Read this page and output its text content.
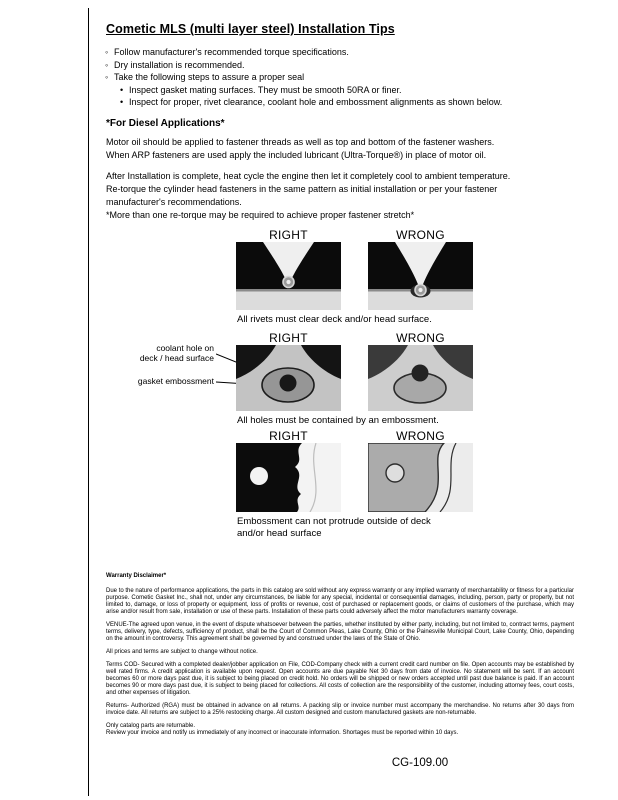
Cometic MLS (multi layer steel) Installation Tips
◦ Follow manufacturer's recommended torque specifications.
◦ Dry installation is recommended.
◦ Take the following steps to assure a proper seal
• Inspect gasket mating surfaces. They must be smooth 50RA or finer.
• Inspect for proper, rivet clearance, coolant hole and embossment alignments as shown below.
*For Diesel Applications*
Motor oil should be applied to fastener threads as well as top and bottom of the fastener washers. When ARP fasteners are used apply the included lubricant (Ultra-Torque®) in place of motor oil.
After Installation is complete, heat cycle the engine then let it completely cool to ambient temperature. Re-torque the cylinder head fasteners in the same pattern as initial installation or per your fastener manufacturer's recommendations.
*More than one re-torque may be required to achieve proper fastener stretch*
RIGHT	WRONG
All rivets must clear deck and/or head surface.
RIGHT	WRONG
coolant hole on
deck / head surface
gasket embossment
All holes must be contained by an embossment.
RIGHT	WRONG
Embossment can not protrude outside of deck
and/or head surface
Warranty Disclaimer*
Due to the nature of performance applications, the parts in this catalog are sold without any express warranty or any implied warranty of merchantability or fitness for a particular purpose. Cometic Gasket Inc., shall not, under any circumstances, be liable for any special, incidental or consequential damages, including, person, party or property, but not limited to, damage, or loss of property or equipment, loss of profits or revenue, cost of purchased or replacement goods, or claims of customers of the purchase, which may arise and/or result from sale, installation or use of these parts. Installation of these parts could adversely affect the motor manufacturers warranty coverage.
VENUE-The agreed upon venue, in the event of dispute whatsoever between the parties, whether instituted by either party, including, but not limited to, contract terms, payment terms, delivery, type, defects, sufficiency of product, shall be the Court of Common Pleas, Lake County, Ohio or the Painesville Municipal Court, Lake County, Ohio, depending on the amount in controversy. This agreement shall be governed by and construed under the laws of the State of Ohio.
All prices and terms are subject to change without notice.
Terms COD- Secured with a completed dealer/jobber application on File, COD-Company check with a current credit card number on file. Open accounts may be established by well rated firms. A credit application is available upon request. Open accounts are due payable Net 30 days from date of invoice. No statement will be sent. If an account becomes 60 or more days past due, it is subject to being placed on credit hold. No orders will be shipped or new orders accepted until past due balance is paid. If an account becomes 90 or more days past due, it is subject to being placed for collections. All costs of collection are the responsibility of the customer, including attorney fees, court costs, and other expenses of litigation.
Returns- Authorized (RGA) must be obtained in advance on all returns. A packing slip or invoice number must accompany the merchandise. No returns after 30 days from invoice date. All returns are subject to a 25% restocking charge. All custom designed and custom manufactured gaskets are non-returnable.
Only catalog parts are returnable.
Review your invoice and notify us immediately of any incorrect or inaccurate information. Shortages must be reported within 10 days.
CG-109.00
